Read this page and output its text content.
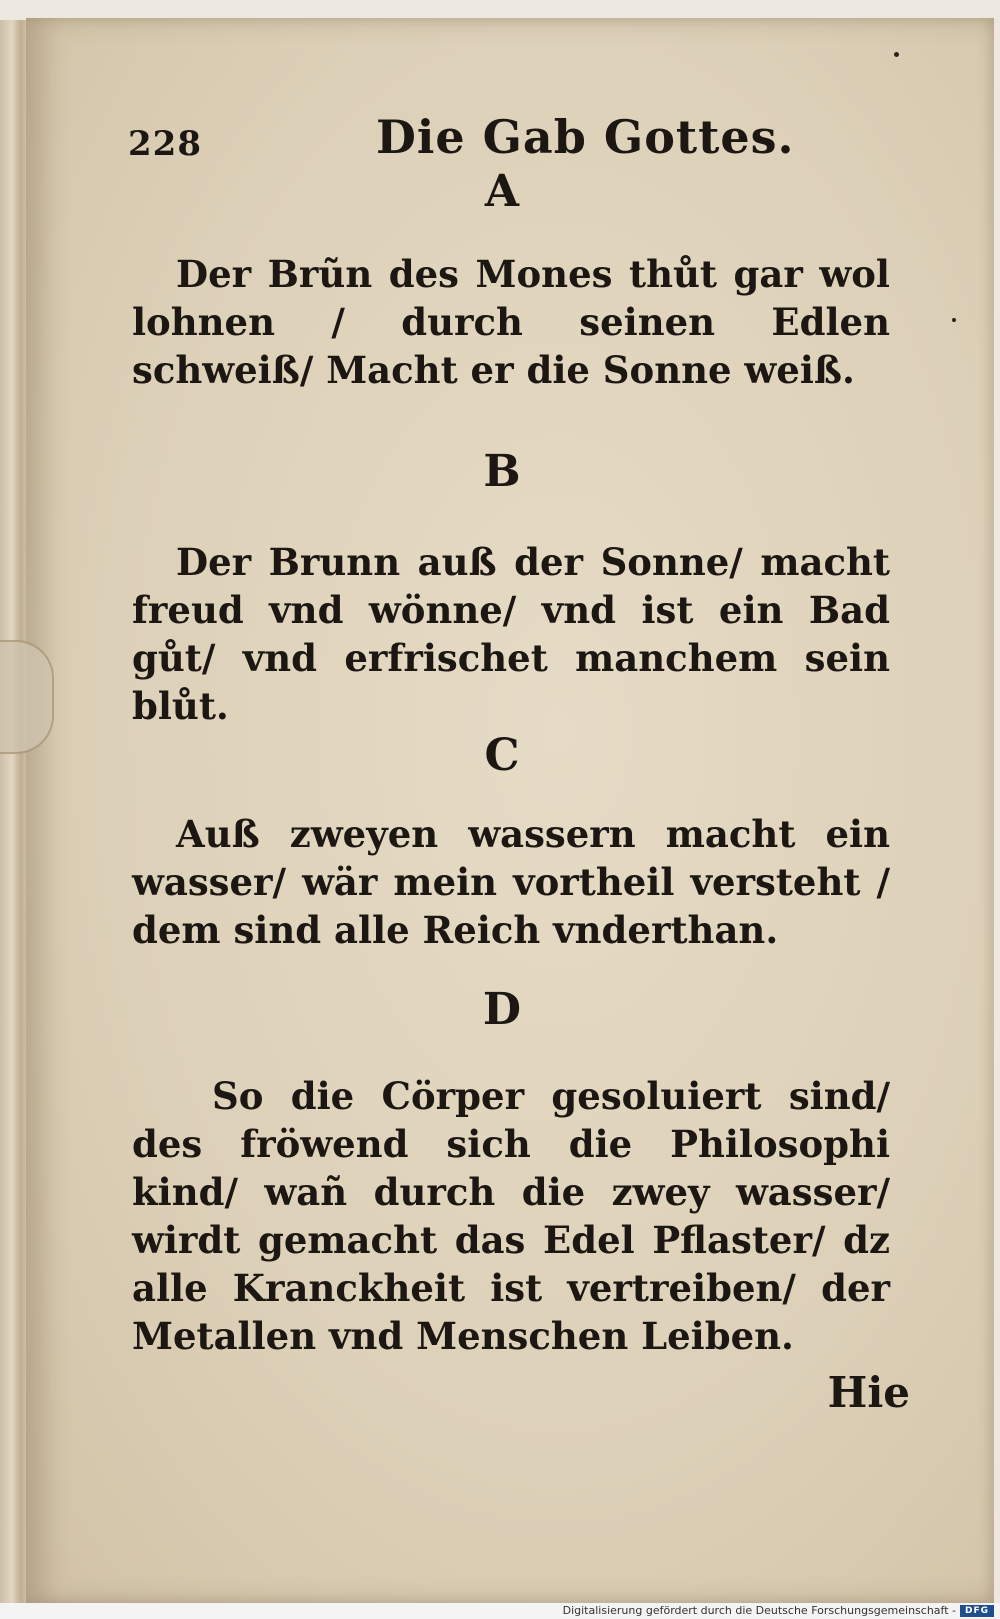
228	Die Gab Gottes.
A

Der Brũn des Mones thůt gar wol lohnen / durch seinen Edlen schweiß/ Macht er die Sonne weiß.

B

Der Brunn auß der Sonne/ macht freud vnd wönne/ vnd ist ein Bad gůt/ vnd erfrischet manchem sein blůt.

C

Auß zweyen wassern macht ein wasser/ wär mein vortheil versteht / dem sind alle Reich vnderthan.

D

So die Cörper gesoluiert sind/ des fröwend sich die Philosophi kind/ wañ durch die zwey wasser/ wirdt gemacht das Edel Pflaster/ dz alle Kranckheit ist vertreiben/ der Metallen vnd Menschen Leiben.

Hie
Digitalisierung gefördert durch die Deutsche Forschungsgemeinschaft - DFG
